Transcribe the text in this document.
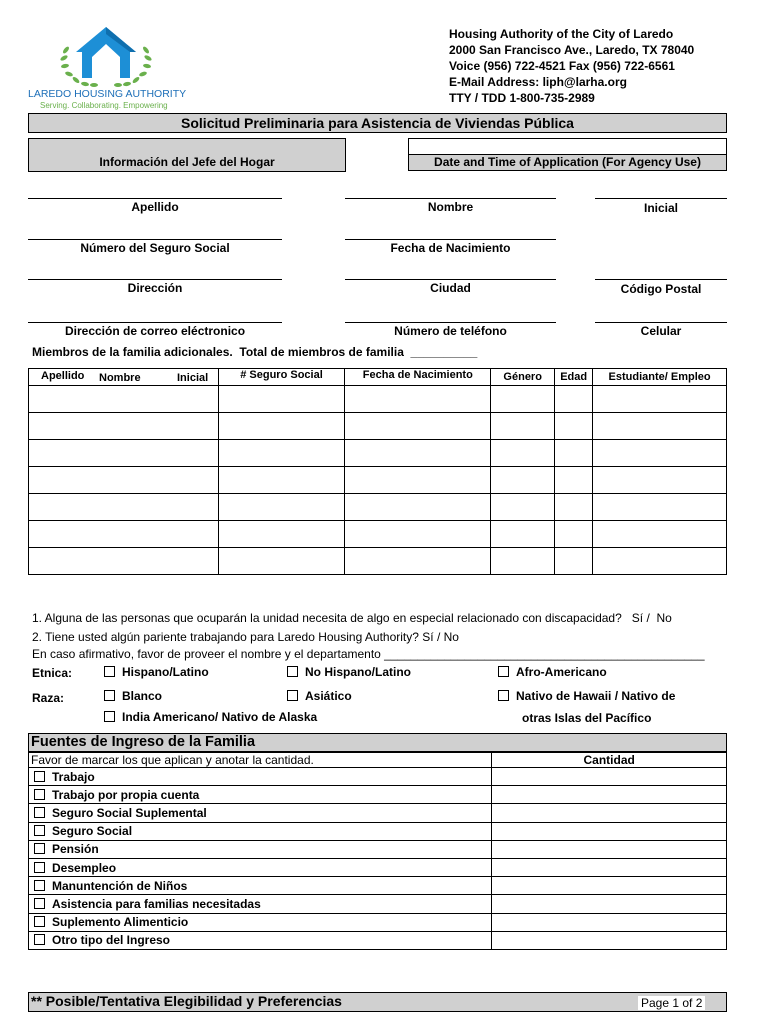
LAREDO HOUSING AUTHORITY
Serving. Collaborating. Empowering
Housing Authority of the City of Laredo
2000 San Francisco Ave., Laredo, TX 78040
Voice (956) 722-4521 Fax (956) 722-6561
E-Mail Address: liph@larha.org
TTY / TDD 1-800-735-2989
Solicitud Preliminaria para Asistencia de Viviendas Pública
Información del Jefe del Hogar	Date and Time of Application (For Agency Use)
Apellido	Nombre	Inicial
Número del Seguro Social	Fecha de Nacimiento
Dirección	Ciudad	Código Postal
Dirección de correo eléctronico	Número de teléfono	Celular
Miembros de la familia adicionales.  Total de miembros de familia  __________
Apellido Nombre Inicial	# Seguro Social	Fecha de Nacimiento	Género	Edad	Estudiante/ Empleo

1. Alguna de las personas que ocuparán la unidad necesita de algo en especial relacionado con discapacidad?   Sí /  No
2. Tiene usted algún pariente trabajando para Laredo Housing Authority? Sí / No
En caso afirmativo, favor de proveer el nombre y el departamento ________________________________________________
Etnica:	Hispano/Latino	No Hispano/Latino	Afro-Americano
Raza:	Blanco	Asiático	Nativo de Hawaii / Nativo de
India Americano/ Nativo de Alaska	otras Islas del Pacífico
Fuentes de Ingreso de la Familia
Favor de marcar los que aplican y anotar la cantidad.	Cantidad
Trabajo	
Trabajo por propia cuenta	
Seguro Social Suplemental	
Seguro Social	
Pensión	
Desempleo	
Manuntención de Niños	
Asistencia para familias necesitadas	
Suplemento Alimenticio	
Otro tipo del Ingreso	
** Posible/Tentativa Elegibilidad y Preferencias	Page 1 of 2
